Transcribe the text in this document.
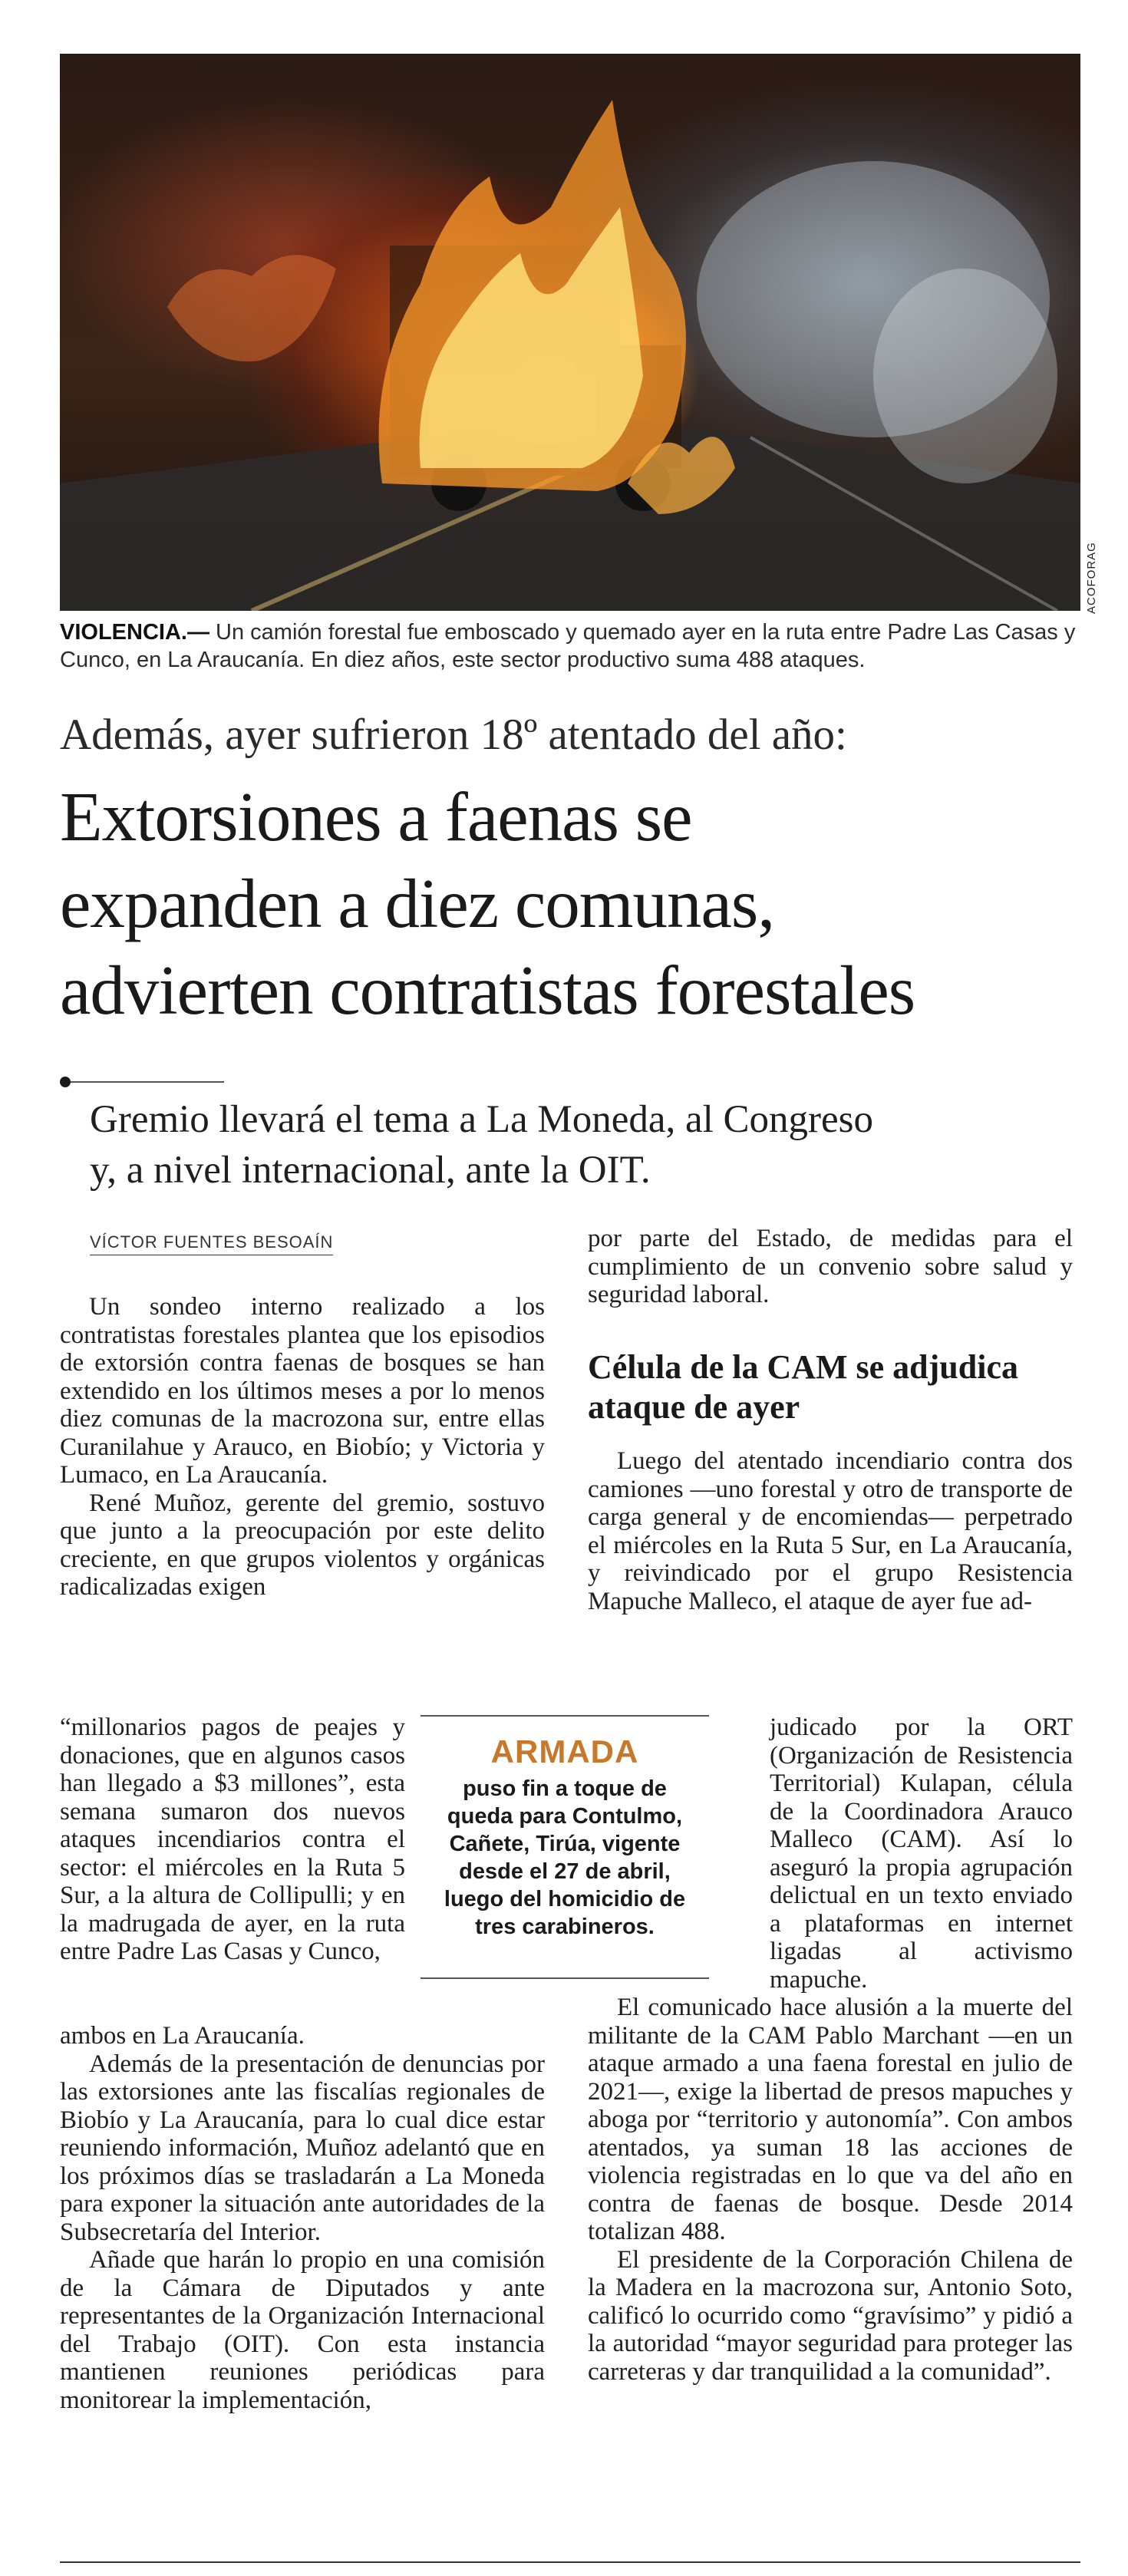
ACOFORAG
VIOLENCIA.— Un camión forestal fue emboscado y quemado ayer en la ruta entre Padre Las Casas y Cunco, en La Araucanía. En diez años, este sector productivo suma 488 ataques.
Además, ayer sufrieron 18º atentado del año:
Extorsiones a faenas se
expanden a diez comunas,
advierten contratistas forestales
Gremio llevará el tema a La Moneda, al Congreso
y, a nivel internacional, ante la OIT.
VÍCTOR FUENTES BESOAÍN

Un sondeo interno realizado a los contratistas forestales plantea que los episodios de extorsión contra faenas de bosques se han extendido en los últimos meses a por lo menos diez comunas de la macrozona sur, entre ellas Curanilahue y Arauco, en Biobío; y Victoria y Lumaco, en La Araucanía.

René Muñoz, gerente del gremio, sostuvo que junto a la preocupación por este delito creciente, en que grupos violentos y orgánicas radicalizadas exigen

“millonarios pagos de peajes y donaciones, que en algunos casos han llegado a $3 millones”, esta semana sumaron dos nuevos ataques incendiarios contra el sector: el miércoles en la Ruta 5 Sur, a la altura de Collipulli; y en la madrugada de ayer, en la ruta entre Padre Las Casas y Cunco,

ambos en La Araucanía.

Además de la presentación de denuncias por las extorsiones ante las fiscalías regionales de Biobío y La Araucanía, para lo cual dice estar reuniendo información, Muñoz adelantó que en los próximos días se trasladarán a La Moneda para exponer la situación ante autoridades de la Subsecretaría del Interior.

Añade que harán lo propio en una comisión de la Cámara de Diputados y ante representantes de la Organización Internacional del Trabajo (OIT). Con esta instancia mantienen reuniones periódicas para monitorear la implementación,

por parte del Estado, de medidas para el cumplimiento de un convenio sobre salud y seguridad laboral.

Célula de la CAM se adjudica ataque de ayer

Luego del atentado incendiario contra dos camiones —uno forestal y otro de transporte de carga general y de encomiendas— perpetrado el miércoles en la Ruta 5 Sur, en La Araucanía, y reivindicado por el grupo Resistencia Mapuche Malleco, el ataque de ayer fue ad-

judicado por la ORT (Organización de Resistencia Territorial) Kulapan, célula de la Coordinadora Arauco Malleco (CAM). Así lo aseguró la propia agrupación delictual en un texto enviado a plataformas en internet ligadas al activismo mapuche.

El comunicado hace alusión a la muerte del militante de la CAM Pablo Marchant —en un ataque armado a una faena forestal en julio de 2021—, exige la libertad de presos mapuches y aboga por “territorio y autonomía”. Con ambos atentados, ya suman 18 las acciones de violencia registradas en lo que va del año en contra de faenas de bosque. Desde 2014 totalizan 488.

El presidente de la Corporación Chilena de la Madera en la macrozona sur, Antonio Soto, calificó lo ocurrido como “gravísimo” y pidió a la autoridad “mayor seguridad para proteger las carreteras y dar tranquilidad a la comunidad”.

ARMADA
puso fin a toque de queda para Contulmo, Cañete, Tirúa, vigente desde el 27 de abril, luego del homicidio de tres carabineros.
